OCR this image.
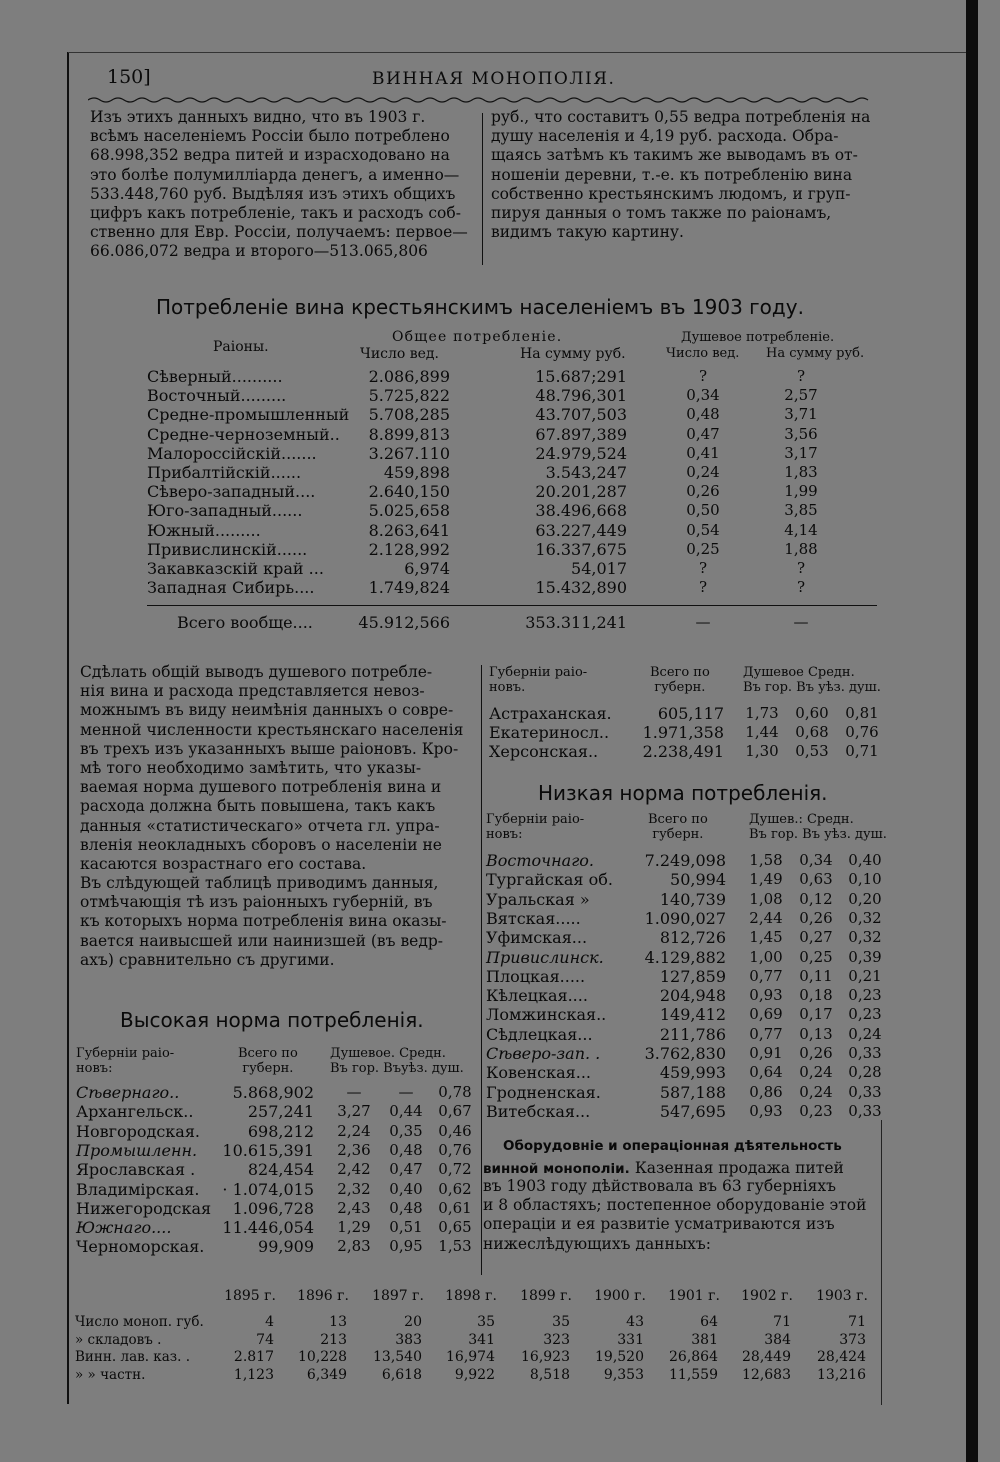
150]	ВИННАЯ МОНОПОЛІЯ.
Изъ этихъ данныхъ видно, что въ 1903 г.
всѣмъ населеніемъ Россіи было потреблено
68.998,352 ведра питей и израсходовано на
это болѣе полумилліарда денегъ, а именно—
533.448,760 руб. Выдѣляя изъ этихъ общихъ
цифръ какъ потребленіе, такъ и расходъ соб-
ственно для Евр. Россіи, получаемъ: первое—
66.086,072 ведра и второго—513.065,806
руб., что составитъ 0,55 ведра потребленія на
душу населенія и 4,19 руб. расхода. Обра-
щаясь затѣмъ къ такимъ же выводамъ въ от-
ношеніи деревни, т.-е. къ потребленію вина
собственно крестьянскимъ людомъ, и груп-
пируя данныя о томъ также по раіонамъ,
видимъ такую картину.
Потребленіе вина крестьянскимъ населеніемъ въ 1903 году.
Раіоны.
Общее потребленіе.	Душевое потребленіе.
Число вед.	На сумму руб.	Число вед. На сумму руб.
Сѣверный..........	2.086,899	15.687;291	?	?
Восточный.........	5.725,822	48.796,301	0,34	2,57
Средне-промышленный	5.708,285	43.707,503	0,48	3,71
Средне-черноземный..	8.899,813	67.897,389	0,47	3,56
Малороссійскій.......	3.267.110	24.979,524	0,41	3,17
Прибалтійскій......	459,898	3.543,247	0,24	1,83
Сѣверо-западный....	2.640,150	20.201,287	0,26	1,99
Юго-западный......	5.025,658	38.496,668	0,50	3,85
Южный.........	8.263,641	63.227,449	0,54	4,14
Привислинскій......	2.128,992	16.337,675	0,25	1,88
Закавказскій край ...	6,974	54,017	?	?
Западная Сибирь....	1.749,824	15.432,890	?	?
Всего вообще....	45.912,566	353.311,241	—	—
Сдѣлать общій выводъ душевого потребле-
нія вина и расхода представляется невоз-
можнымъ въ виду неимѣнія данныхъ о совре-
менной численности крестьянскаго населенія
въ трехъ изъ указанныхъ выше раіоновъ. Кро-
мѣ того необходимо замѣтить, что указы-
ваемая норма душевого потребленія вина и
расхода должна быть повышена, такъ какъ
данныя «статистическаго» отчета гл. упра-
вленія неокладныхъ сборовъ о населеніи не
касаются возрастнаго его состава.
Въ слѣдующей таблицѣ приводимъ данныя,
отмѣчающія тѣ изъ раіонныхъ губерній, въ
къ которыхъ норма потребленія вина оказы-
вается наивысшей или наинизшей (въ ведр-
ахъ) сравнительно съ другими.
Высокая норма потребленія.
Губерніи раіо-
новъ:
Всего по
губерн.
Душевое. Средн.
Въ гор. Въуѣз. душ.
Сѣвернаго..	5.868,902	—	—	0,78
Архангельск..	257,241 3,27 0,44 0,67
Новгородская.	698,212 2,24 0,35 0,46
Промышленн.	10.615,391 2,36 0,48 0,76
Ярославская .	824,454 2,42 0,47 0,72
Владимірская.	· 1.074,015 2,32 0,40 0,62
Нижегородская	1.096,728 2,43 0,48 0,61
Южнаго....	11.446,054 1,29 0,51 0,65
Черноморская.	99,909 2,83 0,95 1,53
Губерніи раіо-
новъ.
Всего по
губерн.
Душевое Средн.
Въ гор. Въ уѣз. душ.
Астраханская.	605,117 1,73 0,60 0,81
Екатериносл..	1.971,358 1,44 0,68 0,76
Херсонская..	2.238,491 1,30 0,53 0,71
Низкая норма потребленія.
Губерніи раіо-
новъ:
Всего по
губерн.
Душев.: Средн.
Въ гор. Въ уѣз. душ.
Восточнаго.	7.249,098 1,58 0,34 0,40
Тургайская об.	50,994 1,49 0,63 0,10
Уральская »	140,739 1,08 0,12 0,20
Вятская.....	1.090,027 2,44 0,26 0,32
Уфимская...	812,726 1,45 0,27 0,32
Привислинск.	4.129,882 1,00 0,25 0,39
Плоцкая.....	127,859 0,77 0,11 0,21
Кѣлецкая....	204,948 0,93 0,18 0,23
Ломжинская..	149,412 0,69 0,17 0,23
Сѣдлецкая...	211,786 0,77 0,13 0,24
Сѣверо-зап. .	3.762,830 0,91 0,26 0,33
Ковенская...	459,993 0,64 0,24 0,28
Гродненская.	587,188 0,86 0,24 0,33
Витебская...	547,695 0,93 0,23 0,33
Оборудовніе и операціонная дѣятельность
винной монополіи. Казенная продажа питей
въ 1903 году дѣйствовала въ 63 губерніяхъ
и 8 областяхъ; постепенное оборудованіе этой
операціи и ея развитіе усматриваются изъ
нижеслѣдующихъ данныхъ:
1895 г.	1896 г.	1897 г.	1898 г.	1899 г.	1900 г.	1901 г.	1902 г.	1903 г.
Число моноп. губ.	4	13	20	35	35	43	64	71	71
» складовъ .	74	213	383	341	323	331	381	384	373
Винн. лав. каз. .	2.817	10,228	13,540	16,974	16,923	19,520	26,864	28,449	28,424
» » частн.	1,123	6,349	6,618	9,922	8,518	9,353	11,559	12,683	13,216
